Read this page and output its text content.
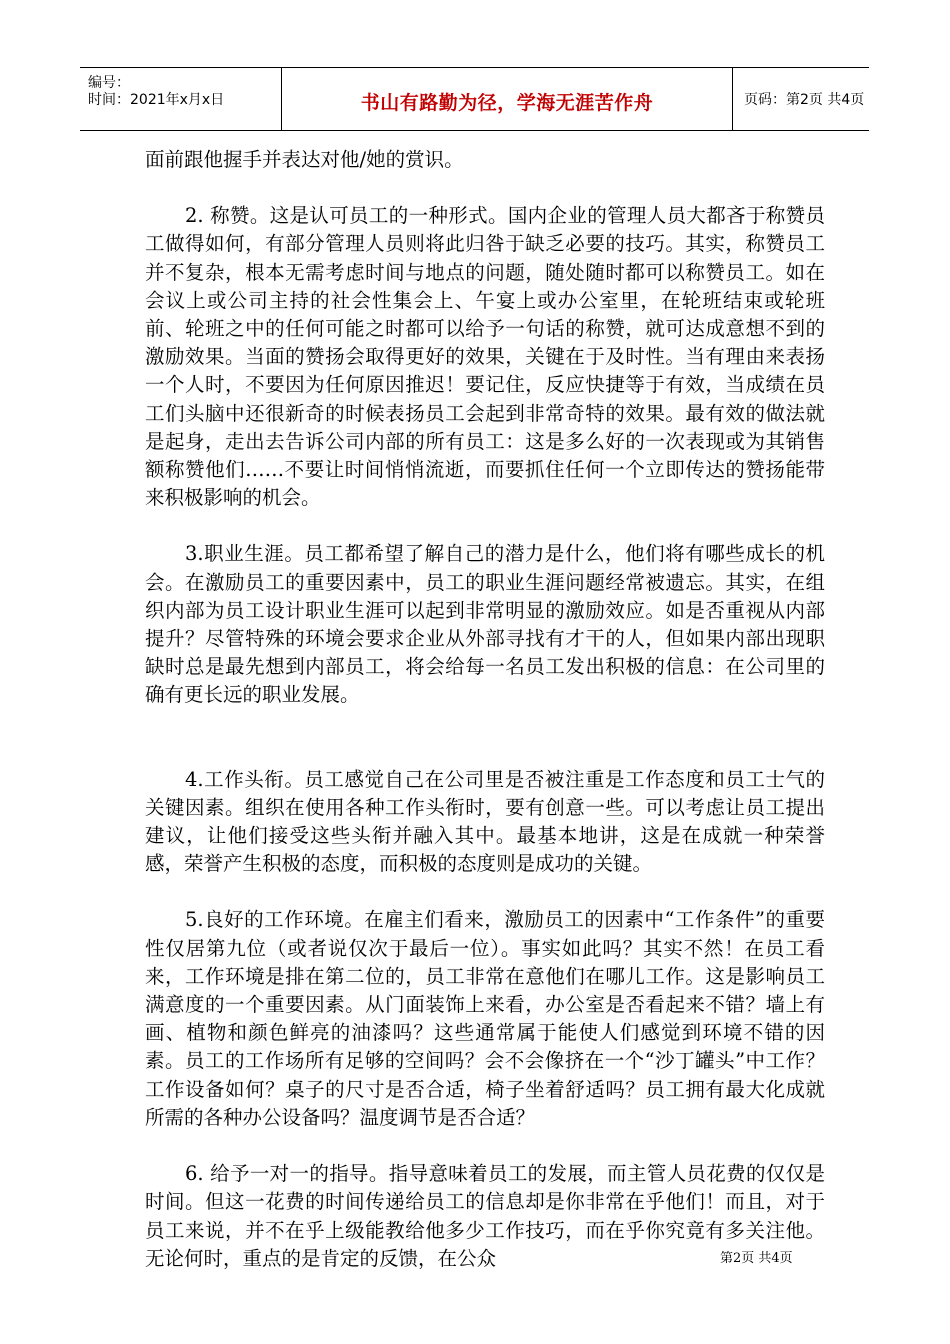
编号：
时间：2021年x月x日	书山有路勤为径，学海无涯苦作舟	页码：第2页 共4页

面前跟他握手并表达对他/她的赏识。

2. 称赞。这是认可员工的一种形式。国内企业的管理人员大都吝于称赞员工做得如何，有部分管理人员则将此归咎于缺乏必要的技巧。其实，称赞员工并不复杂，根本无需考虑时间与地点的问题，随处随时都可以称赞员工。如在会议上或公司主持的社会性集会上、午宴上或办公室里，在轮班结束或轮班前、轮班之中的任何可能之时都可以给予一句话的称赞，就可达成意想不到的激励效果。当面的赞扬会取得更好的效果，关键在于及时性。当有理由来表扬一个人时，不要因为任何原因推迟！要记住，反应快捷等于有效，当成绩在员工们头脑中还很新奇的时候表扬员工会起到非常奇特的效果。最有效的做法就是起身，走出去告诉公司内部的所有员工：这是多么好的一次表现或为其销售额称赞他们……不要让时间悄悄流逝，而要抓住任何一个立即传达的赞扬能带来积极影响的机会。

3.职业生涯。员工都希望了解自己的潜力是什么，他们将有哪些成长的机会。在激励员工的重要因素中，员工的职业生涯问题经常被遗忘。其实，在组织内部为员工设计职业生涯可以起到非常明显的激励效应。如是否重视从内部提升？尽管特殊的环境会要求企业从外部寻找有才干的人，但如果内部出现职缺时总是最先想到内部员工，将会给每一名员工发出积极的信息：在公司里的确有更长远的职业发展。

4.工作头衔。员工感觉自己在公司里是否被注重是工作态度和员工士气的关键因素。组织在使用各种工作头衔时，要有创意一些。可以考虑让员工提出建议，让他们接受这些头衔并融入其中。最基本地讲，这是在成就一种荣誉感，荣誉产生积极的态度，而积极的态度则是成功的关键。

5.良好的工作环境。在雇主们看来，激励员工的因素中“工作条件”的重要性仅居第九位（或者说仅次于最后一位）。事实如此吗？其实不然！在员工看来，工作环境是排在第二位的，员工非常在意他们在哪儿工作。这是影响员工满意度的一个重要因素。从门面装饰上来看，办公室是否看起来不错？墙上有画、植物和颜色鲜亮的油漆吗？这些通常属于能使人们感觉到环境不错的因素。员工的工作场所有足够的空间吗？会不会像挤在一个“沙丁罐头”中工作？工作设备如何？桌子的尺寸是否合适，椅子坐着舒适吗？员工拥有最大化成就所需的各种办公设备吗？温度调节是否合适？

6. 给予一对一的指导。指导意味着员工的发展，而主管人员花费的仅仅是时间。但这一花费的时间传递给员工的信息却是你非常在乎他们！而且，对于员工来说，并不在乎上级能教给他多少工作技巧，而在乎你究竟有多关注他。无论何时，重点的是肯定的反馈，在公众	第2页 共4页
